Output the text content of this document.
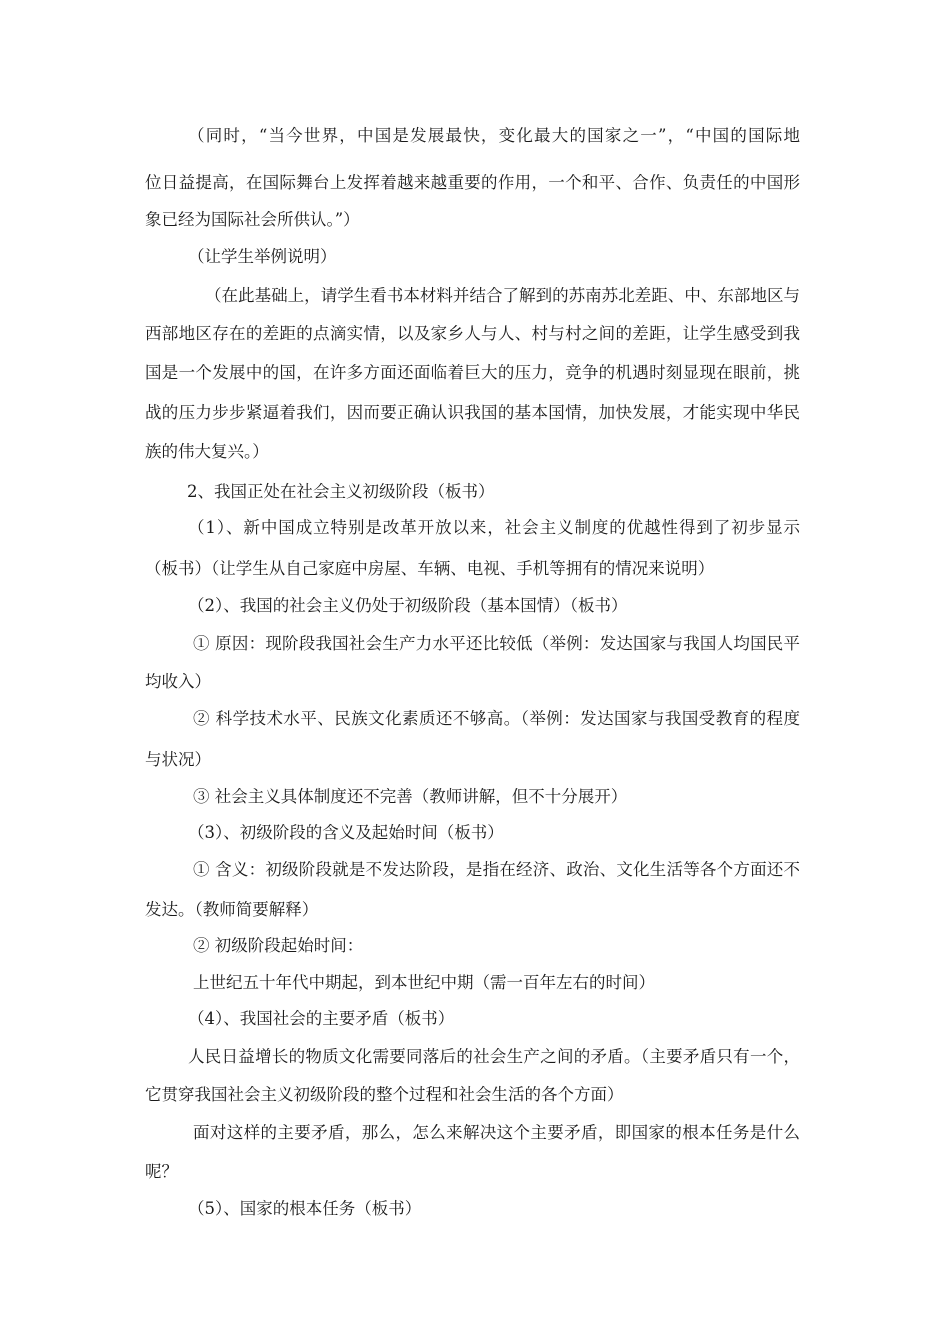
（同时，“当今世界，中国是发展最快，变化最大的国家之一”，“中国的国际地
位日益提高，在国际舞台上发挥着越来越重要的作用，一个和平、合作、负责任的中国形
象已经为国际社会所供认。”）
（让学生举例说明）
（在此基础上，请学生看书本材料并结合了解到的苏南苏北差距、中、东部地区与
西部地区存在的差距的点滴实情，以及家乡人与人、村与村之间的差距，让学生感受到我
国是一个发展中的国，在许多方面还面临着巨大的压力，竞争的机遇时刻显现在眼前，挑
战的压力步步紧逼着我们，因而要正确认识我国的基本国情，加快发展，才能实现中华民
族的伟大复兴。）
2、我国正处在社会主义初级阶段（板书）
（1）、新中国成立特别是改革开放以来，社会主义制度的优越性得到了初步显示
（板书）（让学生从自己家庭中房屋、车辆、电视、手机等拥有的情况来说明）
（2）、我国的社会主义仍处于初级阶段（基本国情）（板书）
① 原因：现阶段我国社会生产力水平还比较低（举例：发达国家与我国人均国民平
均收入）
② 科学技术水平、民族文化素质还不够高。（举例：发达国家与我国受教育的程度
与状况）
③ 社会主义具体制度还不完善（教师讲解，但不十分展开）
（3）、初级阶段的含义及起始时间（板书）
① 含义：初级阶段就是不发达阶段，是指在经济、政治、文化生活等各个方面还不
发达。（教师简要解释）
② 初级阶段起始时间：
上世纪五十年代中期起，到本世纪中期（需一百年左右的时间）
（4）、我国社会的主要矛盾（板书）
人民日益增长的物质文化需要同落后的社会生产之间的矛盾。（主要矛盾只有一个，
它贯穿我国社会主义初级阶段的整个过程和社会生活的各个方面）
面对这样的主要矛盾，那么，怎么来解决这个主要矛盾，即国家的根本任务是什么
呢？
（5）、国家的根本任务（板书）
